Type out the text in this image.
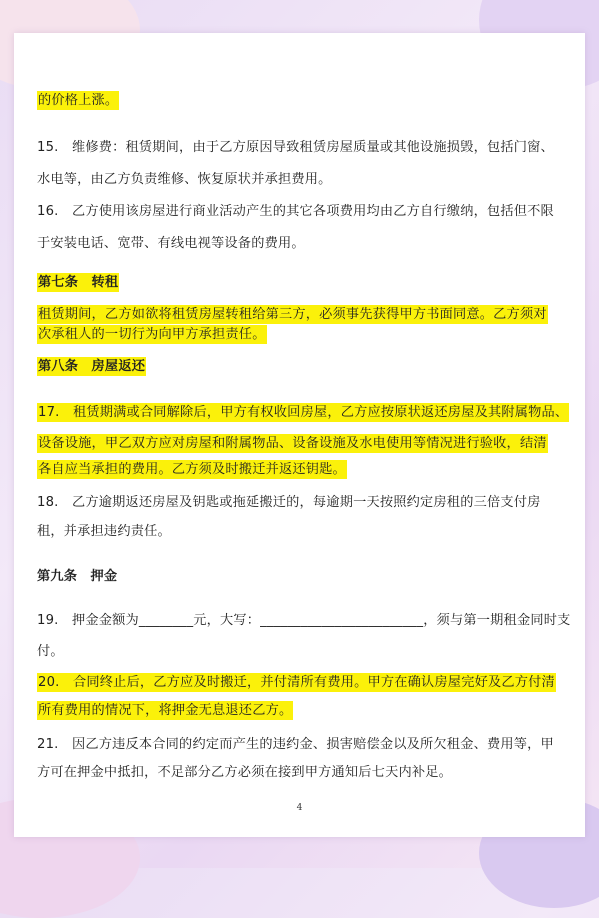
的价格上涨。
15.　维修费：租赁期间，由于乙方原因导致租赁房屋质量或其他设施损毁，包括门窗、
水电等，由乙方负责维修、恢复原状并承担费用。
16.　乙方使用该房屋进行商业活动产生的其它各项费用均由乙方自行缴纳，包括但不限
于安装电话、宽带、有线电视等设备的费用。
第七条　转租
租赁期间，乙方如欲将租赁房屋转租给第三方，必须事先获得甲方书面同意。乙方须对
次承租人的一切行为向甲方承担责任。
第八条　房屋返还
17.　租赁期满或合同解除后，甲方有权收回房屋，乙方应按原状返还房屋及其附属物品、
设备设施，甲乙双方应对房屋和附属物品、设备设施及水电使用等情况进行验收，结清
各自应当承担的费用。乙方须及时搬迁并返还钥匙。
18.　乙方逾期返还房屋及钥匙或拖延搬迁的，每逾期一天按照约定房租的三倍支付房
租，并承担违约责任。
第九条　押金
19.　押金金额为________元，大写：________________________，须与第一期租金同时支
付。
20.　合同终止后，乙方应及时搬迁，并付清所有费用。甲方在确认房屋完好及乙方付清
所有费用的情况下，将押金无息退还乙方。
21.　因乙方违反本合同的约定而产生的违约金、损害赔偿金以及所欠租金、费用等，甲
方可在押金中抵扣，不足部分乙方必须在接到甲方通知后七天内补足。
4
